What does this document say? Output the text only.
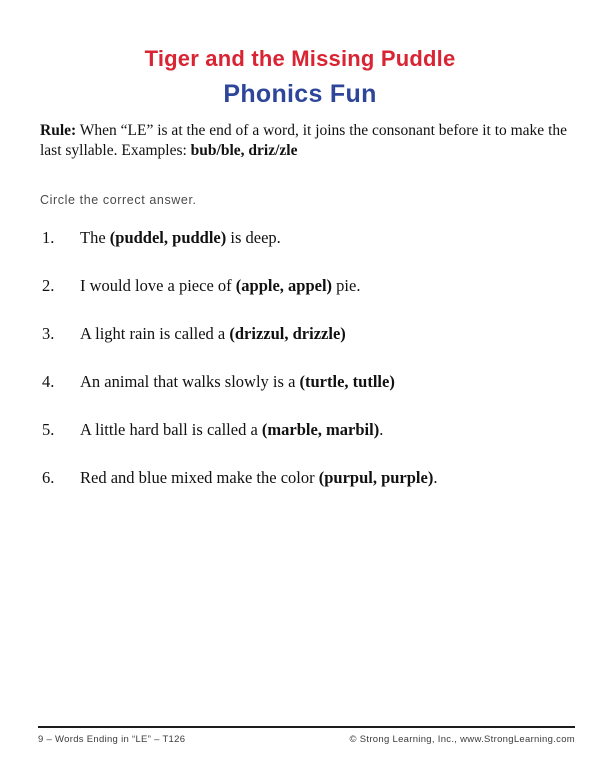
Tiger and the Missing Puddle
Phonics Fun

Rule: When “LE” is at the end of a word, it joins the consonant before it to make the last syllable. Examples: bub/ble, driz/zle

Circle the correct answer.
1.	The (puddel, puddle) is deep.
2.	I would love a piece of (apple, appel) pie.
3.	A light rain is called a (drizzul, drizzle)
4.	An animal that walks slowly is a (turtle, tutlle)
5.	A little hard ball is called a (marble, marbil).
6.	Red and blue mixed make the color (purpul, purple).
9 – Words Ending in “LE” – T126	© Strong Learning, Inc., www.StrongLearning.com
